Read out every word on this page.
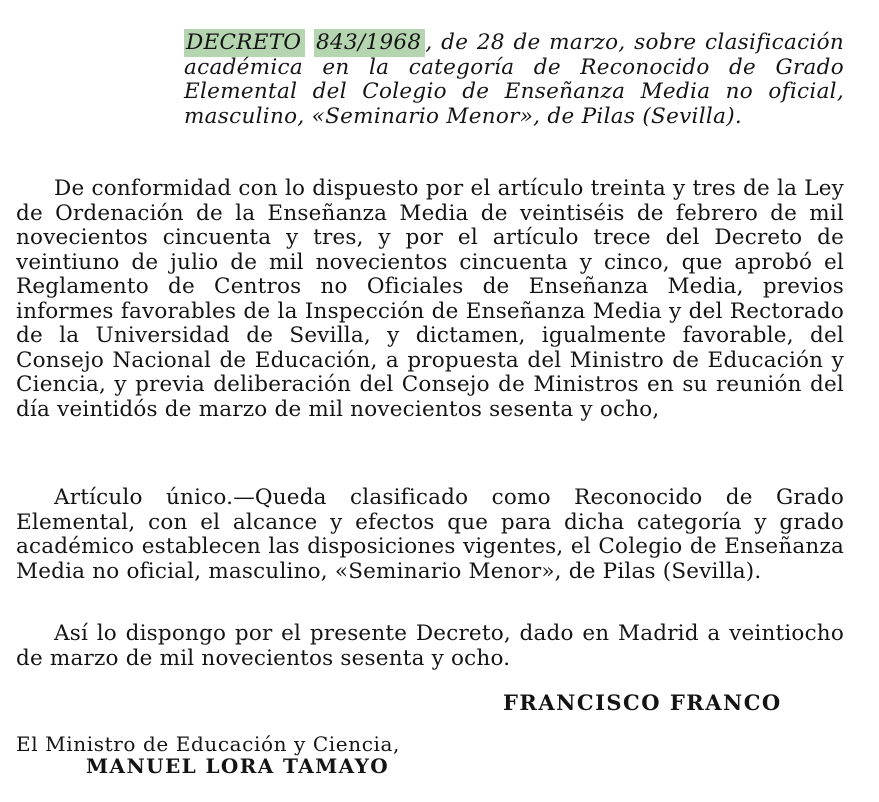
DECRETO 843/1968 , de 28 de marzo, sobre clasificación académica en la categoría de Reconocido de Grado Elemental del Colegio de Enseñanza Media no oficial, masculino, «Seminario Menor», de Pilas (Sevilla).

De conformidad con lo dispuesto por el artículo treinta y tres de la Ley de Ordenación de la Enseñanza Media de veintiséis de febrero de mil novecientos cincuenta y tres, y por el artículo trece del Decreto de veintiuno de julio de mil novecientos cincuenta y cinco, que aprobó el Reglamento de Centros no Oficiales de Enseñanza Media, previos informes favorables de la Inspección de Enseñanza Media y del Rectorado de la Universidad de Sevilla, y dictamen, igualmente favorable, del Consejo Nacional de Educación, a propuesta del Ministro de Educación y Ciencia, y previa deliberación del Consejo de Ministros en su reunión del día veintidós de marzo de mil novecientos sesenta y ocho,

Artículo único.—Queda clasificado como Reconocido de Grado Elemental, con el alcance y efectos que para dicha categoría y grado académico establecen las disposiciones vigentes, el Colegio de Enseñanza Media no oficial, masculino, «Seminario Menor», de Pilas (Sevilla).

Así lo dispongo por el presente Decreto, dado en Madrid a veintiocho de marzo de mil novecientos sesenta y ocho.

FRANCISCO FRANCO
El Ministro de Educación y Ciencia,
MANUEL LORA TAMAYO
